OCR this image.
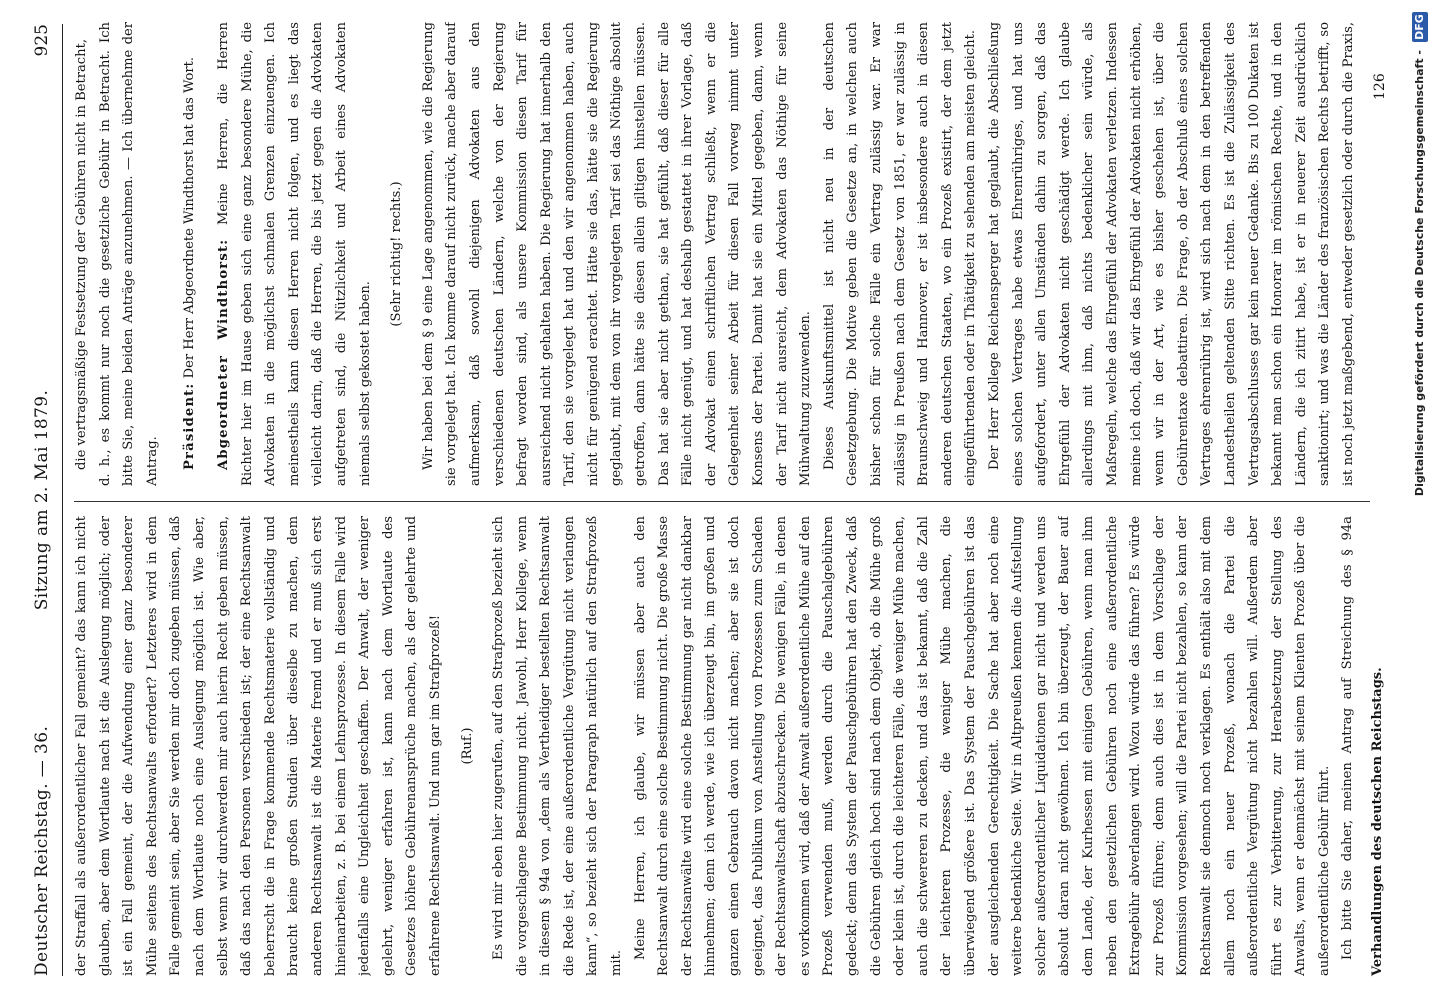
Deutscher Reichstag. — 36.
Sitzung am 2. Mai 1879.
925

der Straffall als außerordentlicher Fall gemeint? das kann ich nicht glauben, aber dem Wortlaute nach ist die Auslegung möglich; oder ist ein Fall gemeint, der die Aufwendung einer ganz besonderer Mühe seitens des Rechtsanwalts erfordert? Letzteres wird in dem Falle gemeint sein, aber Sie werden mir doch zugeben müssen, daß nach dem Wortlaute noch eine Auslegung möglich ist. Wie aber, selbst wenn wir durchwerden mir auch hierin Recht geben müssen, daß das nach den Personen verschieden ist; der eine Rechtsanwalt beherrscht die in Frage kommende Rechtsmaterie vollständig und braucht keine großen Studien über dieselbe zu machen, dem anderen Rechtsanwalt ist die Materie fremd und er muß sich erst hineinarbeiten, z. B. bei einem Lehnsprozesse. In diesem Falle wird jedenfalls eine Ungleichheit geschaffen. Der Anwalt, der weniger gelehrt, weniger erfahren ist, kann nach dem Wortlaute des Gesetzes höhere Gebührenansprüche machen, als der gelehrte und erfahrene Rechtsanwalt. Und nun gar im Strafprozeß!	(Ruf.)	Es wird mir eben hier zugerufen, auf den Strafprozeß bezieht sich die vorgeschlagene Bestimmung nicht. Jawohl, Herr Kollege, wenn in diesem § 94a von „dem als Vertheidiger bestellten Rechtsanwalt die Rede ist, der eine außerordentliche Vergütung nicht verlangen kann“, so bezieht sich der Paragraph natürlich auf den Strafprozeß mit.

Meine Herren, ich glaube, wir müssen aber auch den Rechtsanwalt durch eine solche Bestimmung nicht. Die große Masse der Rechtsanwälte wird eine solche Bestimmung gar nicht dankbar hinnehmen; denn ich werde, wie ich überzeugt bin, im großen und ganzen einen Gebrauch davon nicht machen; aber sie ist doch geeignet, das Publikum von Anstellung von Prozessen zum Schaden der Rechtsanwaltschaft abzuschrecken. Die wenigen Fälle, in denen es vorkommen wird, daß der Anwalt außerordentliche Mühe auf den Prozeß verwenden muß, werden durch die Pauschalgebühren gedeckt; denn das System der Pauschgebühren hat den Zweck, daß die Gebühren gleich hoch sind nach dem Objekt, ob die Mühe groß oder klein ist, durch die leichteren Fälle, die weniger Mühe machen, auch die schwereren zu decken, und das ist bekannt, daß die Zahl der leichteren Prozesse, die weniger Mühe machen, die überwiegend größere ist. Das System der Pauschgebühren ist das der ausgleichenden Gerechtigkeit. Die Sache hat aber noch eine weitere bedenkliche Seite. Wir in Altpreußen kennen die Aufstellung solcher außerordentlicher Liquidationen gar nicht und werden uns absolut daran nicht gewöhnen. Ich bin überzeugt, der Bauer auf dem Lande, der Kurhessen mit einigen Gebühren, wenn man ihm neben den gesetzlichen Gebühren noch eine außerordentliche Extragebühr abverlangen wird. Wozu würde das führen? Es würde zur Prozeß führen; denn auch dies ist in dem Vorschlage der Kommission vorgesehen; will die Partei nicht bezahlen, so kann der Rechtsanwalt sie dennoch noch verklagen. Es enthält also mit dem allem noch ein neuer Prozeß, wonach die Partei die außerordentliche Vergütung nicht bezahlen will. Außerdem aber führt es zur Verbitterung, zur Herabsetzung der Stellung des Anwalts, wenn er demnächst mit seinem Klienten Prozeß über die außerordentliche Gebühr führt. Ich bitte Sie daher, meinen Antrag auf Streichung des § 94a

die vertragsmäßige Festsetzung der Gebühren nicht in Betracht, d. h., es kommt nur noch die gesetzliche Gebühr in Betracht. Ich bitte Sie, meine beiden Anträge anzunehmen. — Ich übernehme der Antrag.	Präsident: Der Herr Abgeordnete Windthorst hat das Wort.	Abgeordneter Windthorst: Meine Herren, die Herren Richter hier im Hause geben sich eine ganz besondere Mühe, die Advokaten in die möglichst schmalen Grenzen einzuengen. Ich meinestheils kann diesen Herren nicht folgen, und es liegt das vielleicht darin, daß die Herren, die bis jetzt gegen die Advokaten aufgetreten sind, die Nützlichkeit und Arbeit eines Advokaten niemals selbst gekostet haben.

(Sehr richtig! rechts.)	Wir haben bei dem § 9 eine Lage angenommen, wie die Regierung sie vorgelegt hat. Ich komme darauf nicht zurück, mache aber darauf aufmerksam, daß sowohl diejenigen Advokaten aus den verschiedenen deutschen Ländern, welche von der Regierung befragt worden sind, als unsere Kommission diesen Tarif für ausreichend nicht gehalten haben. Die Regierung hat innerhalb den Tarif, den sie vorgelegt hat und den wir angenommen haben, auch nicht für genügend erachtet. Hätte sie das, hätte sie die Regierung geglaubt, mit dem von ihr vorgelegten Tarif sei das Nöthige absolut getroffen, dann hätte sie diesen allein giltigen hinstellen müssen. Das hat sie aber nicht gethan, sie hat gefühlt, daß dieser für alle Fälle nicht genügt, und hat deshalb gestattet in ihrer Vorlage, daß der Advokat einen schriftlichen Vertrag schließt, wenn er die Gelegenheit seiner Arbeit für diesen Fall vorweg nimmt unter Konsens der Partei. Damit hat sie ein Mittel gegeben, dann, wenn der Tarif nicht ausreicht, dem Advokaten das Nöthige für seine Mühwaltung zuzuwenden. Dieses Auskunftsmittel ist nicht neu in der deutschen Gesetzgebung. Die Motive geben die Gesetze an, in welchen auch bisher schon für solche Fälle ein Vertrag zulässig war. Er war zulässig in Preußen nach dem Gesetz von 1851, er war zulässig in Braunschweig und Hannover, er ist insbesondere auch in diesen anderen deutschen Staaten, wo ein Prozeß existirt, der dem jetzt eingeführtenden oder in Thätigkeit zu sehenden am meisten gleicht. Der Herr Kollege Reichensperger hat geglaubt, die Abschließung eines solchen Vertrages habe etwas Ehrenrühriges, und hat uns aufgefordert, unter allen Umständen dahin zu sorgen, daß das Ehrgefühl der Advokaten nicht geschädigt werde. Ich glaube allerdings mit ihm, daß nichts bedenklicher sein würde, als Maßregeln, welche das Ehrgefühl der Advokaten verletzen. Indessen meine ich doch, daß wir das Ehrgefühl der Advokaten nicht erhöhen, wenn wir in der Art, wie es bisher geschehen ist, über die Gebührentaxe debattiren. Die Frage, ob der Abschluß eines solchen Vertrages ehrenrührig ist, wird sich nach dem in den betreffenden Landestheilen geltenden Sitte richten. Es ist die Zulässigkeit des Vertragsabschlusses gar kein neuer Gedanke. Bis zu 100 Dukaten ist bekannt man schon ein Honorar im römischen Rechte, und in den Ländern, die ich zitirt habe, ist er in neuerer Zeit ausdrücklich sanktionirt; und was die Länder des französischen Rechts betrifft, so ist noch jetzt maßgebend, entweder gesetzlich oder durch die Praxis,

Verhandlungen des deutschen Reichstags.
126 Digitalisierung gefördert durch die Deutsche Forschungsgemeinschaft -
DFG
